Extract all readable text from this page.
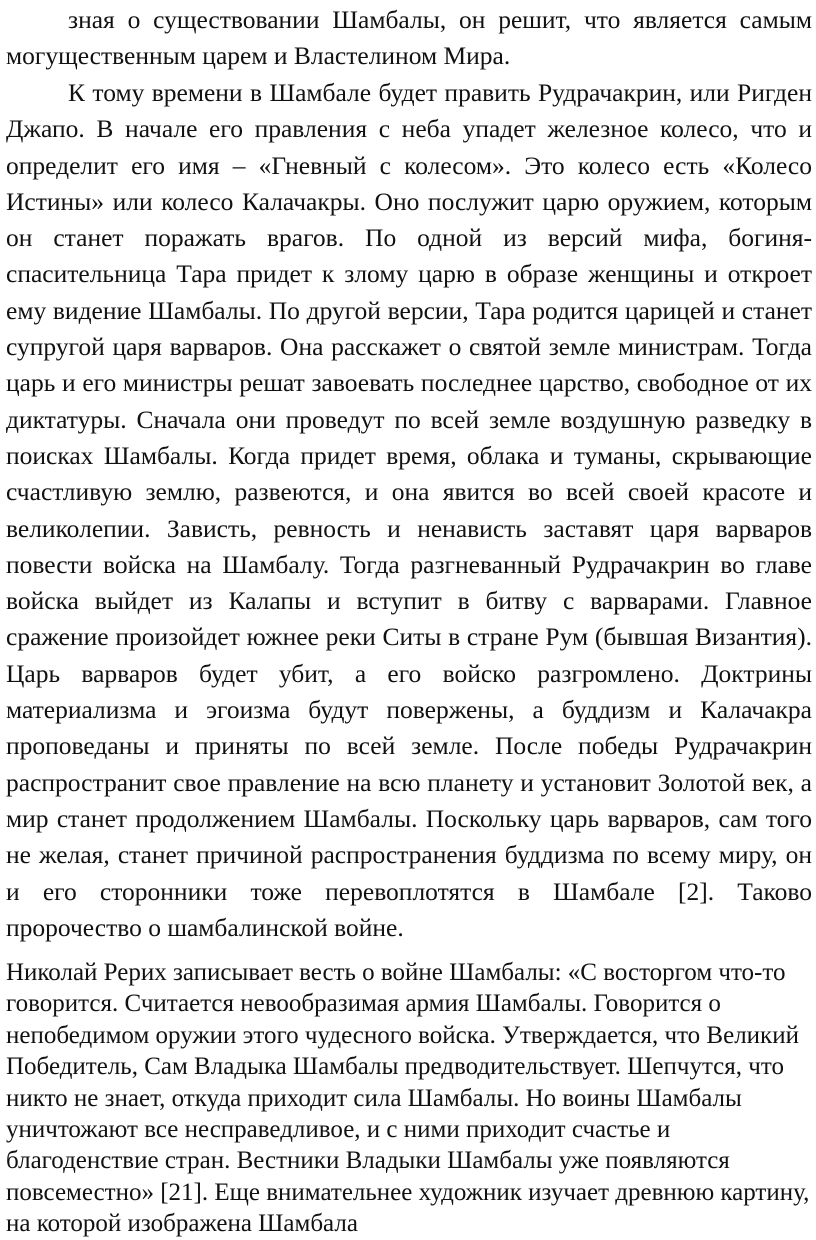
зная о существовании Шамбалы, он решит, что является самым могущественным царем и Властелином Мира.

К тому времени в Шамбале будет править Рудрачакрин, или Ригден Джапо. В начале его правления с неба упадет железное колесо, что и определит его имя – «Гневный с колесом». Это колесо есть «Колесо Истины» или колесо Калачакры. Оно послужит царю оружием, которым он станет поражать врагов. По одной из версий мифа, богиня-спасительница Тара придет к злому царю в образе женщины и откроет ему видение Шамбалы. По другой версии, Тара родится царицей и станет супругой царя варваров. Она расскажет о святой земле министрам. Тогда царь и его министры решат завоевать последнее царство, свободное от их диктатуры. Сначала они проведут по всей земле воздушную разведку в поисках Шамбалы. Когда придет время, облака и туманы, скрывающие счастливую землю, развеются, и она явится во всей своей красоте и великолепии. Зависть, ревность и ненависть заставят царя варваров повести войска на Шамбалу. Тогда разгневанный Рудрачакрин во главе войска выйдет из Калапы и вступит в битву с варварами. Главное сражение произойдет южнее реки Ситы в стране Рум (бывшая Византия). Царь варваров будет убит, а его войско разгромлено. Доктрины материализма и эгоизма будут повержены, а буддизм и Калачакра проповеданы и приняты по всей земле. После победы Рудрачакрин распространит свое правление на всю планету и установит Золотой век, а мир станет продолжением Шамбалы. Поскольку царь варваров, сам того не желая, станет причиной распространения буддизма по всему миру, он и его сторонники тоже перевоплотятся в Шамбале [2]. Таково пророчество о шамбалинской войне.

Николай Рерих записывает весть о войне Шамбалы: «С восторгом что-то говорится. Считается невообразимая армия Шамбалы. Говорится о непобедимом оружии этого чудесного войска. Утверждается, что Великий Победитель, Сам Владыка Шамбалы предводительствует. Шепчутся, что никто не знает, откуда приходит сила Шамбалы. Но воины Шамбалы уничтожают все несправедливое, и с ними приходит счастье и благоденствие стран. Вестники Владыки Шамбалы уже появляются повсеместно» [21]. Еще внимательнее художник изучает древнюю картину, на которой изображена Шамбала
